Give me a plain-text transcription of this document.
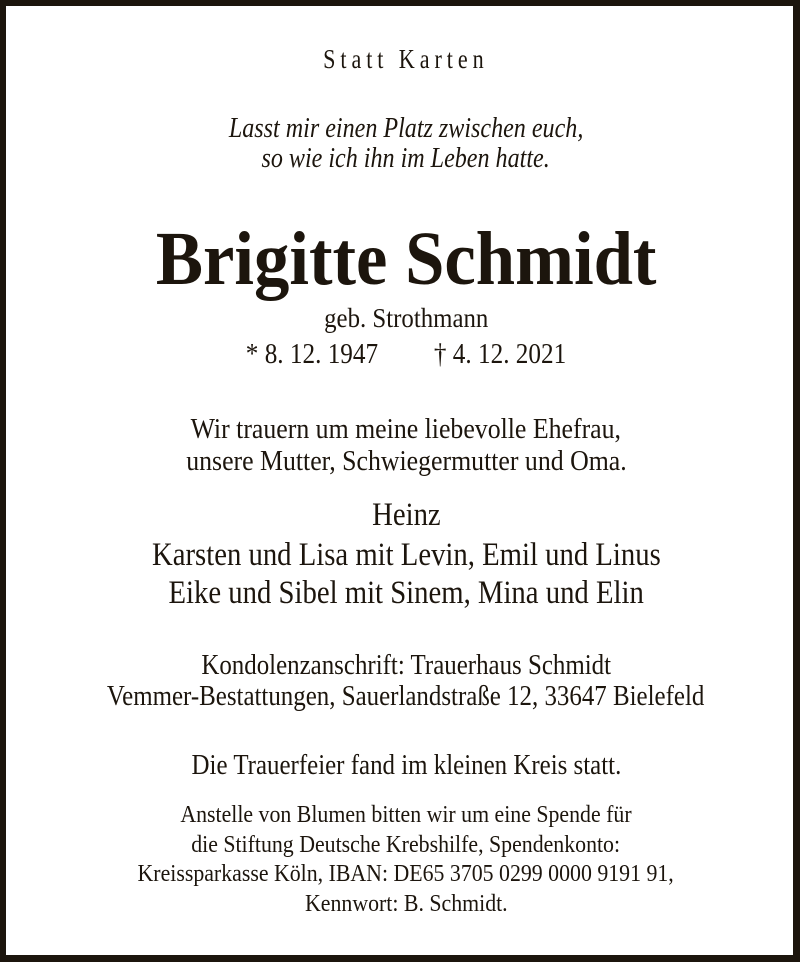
Statt Karten
Lasst mir einen Platz zwischen euch,
so wie ich ihn im Leben hatte.
Brigitte Schmidt
geb. Strothmann
* 8. 12. 1947 † 4. 12. 2021
Wir trauern um meine liebevolle Ehefrau,
unsere Mutter, Schwiegermutter und Oma.
Heinz
Karsten und Lisa mit Levin, Emil und Linus
Eike und Sibel mit Sinem, Mina und Elin
Kondolenzanschrift: Trauerhaus Schmidt
Vemmer-Bestattungen, Sauerlandstraße 12, 33647 Bielefeld
Die Trauerfeier fand im kleinen Kreis statt.
Anstelle von Blumen bitten wir um eine Spende für
die Stiftung Deutsche Krebshilfe, Spendenkonto:
Kreissparkasse Köln, IBAN: DE65 3705 0299 0000 9191 91,
Kennwort: B. Schmidt.
